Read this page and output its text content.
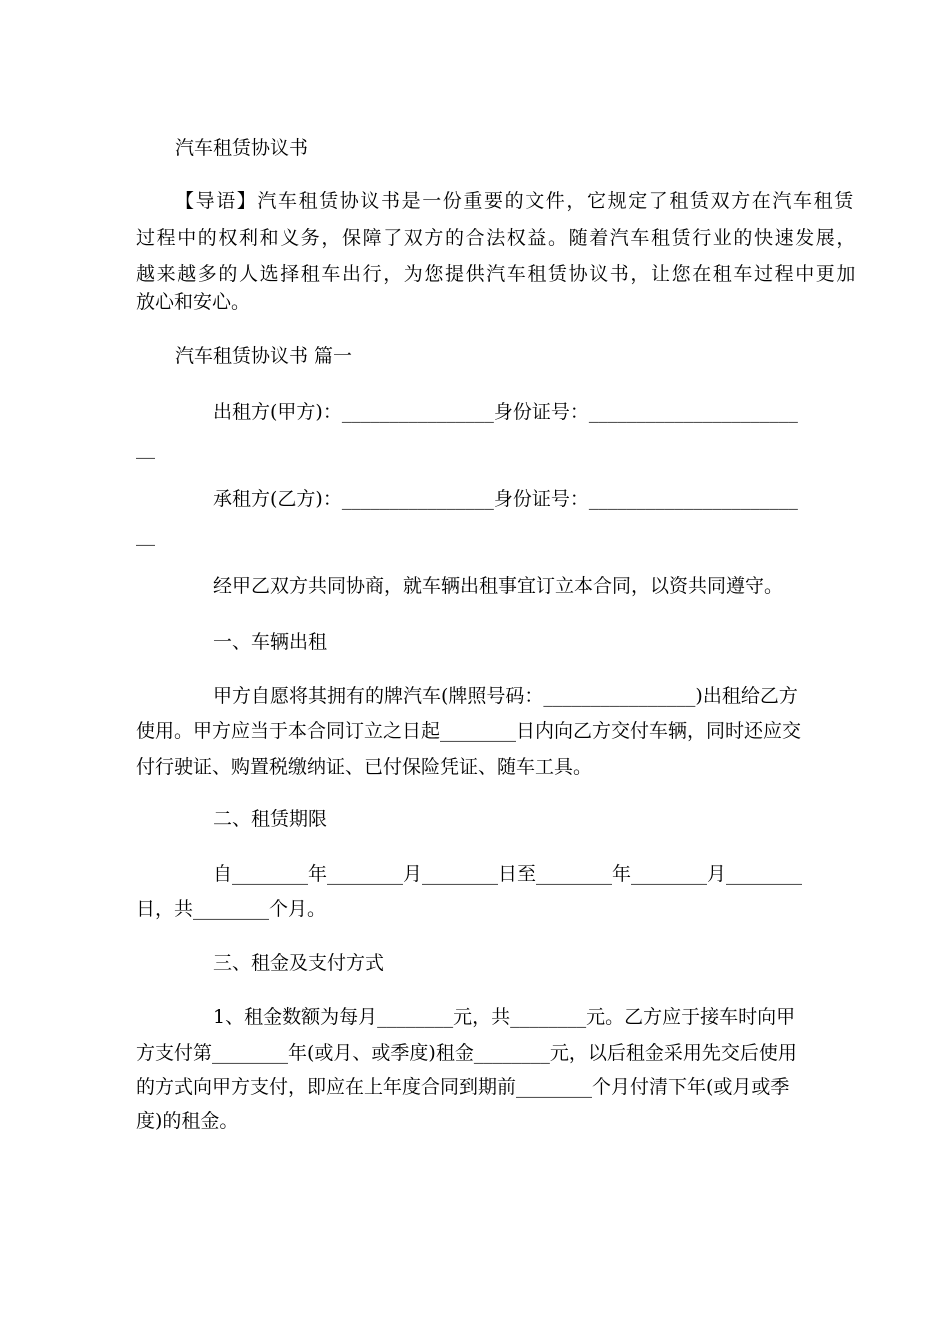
汽车租赁协议书

【导语】汽车租赁协议书是一份重要的文件，它规定了租赁双方在汽车租赁

过程中的权利和义务，保障了双方的合法权益。随着汽车租赁行业的快速发展，

越来越多的人选择租车出行，为您提供汽车租赁协议书，让您在租车过程中更加

放心和安心。

汽车租赁协议书 篇一

出租方(甲方)：________________身份证号：______________________

__

承租方(乙方)：________________身份证号：______________________

__

经甲乙双方共同协商，就车辆出租事宜订立本合同，以资共同遵守。

一、车辆出租

甲方自愿将其拥有的牌汽车(牌照号码：________________)出租给乙方

使用。甲方应当于本合同订立之日起________日内向乙方交付车辆，同时还应交

付行驶证、购置税缴纳证、已付保险凭证、随车工具。

二、租赁期限

自________年________月________日至________年________月________

日，共________个月。

三、租金及支付方式

1、租金数额为每月________元，共________元。乙方应于接车时向甲

方支付第________年(或月、或季度)租金________元，以后租金采用先交后使用

的方式向甲方支付，即应在上年度合同到期前________个月付清下年(或月或季

度)的租金。
